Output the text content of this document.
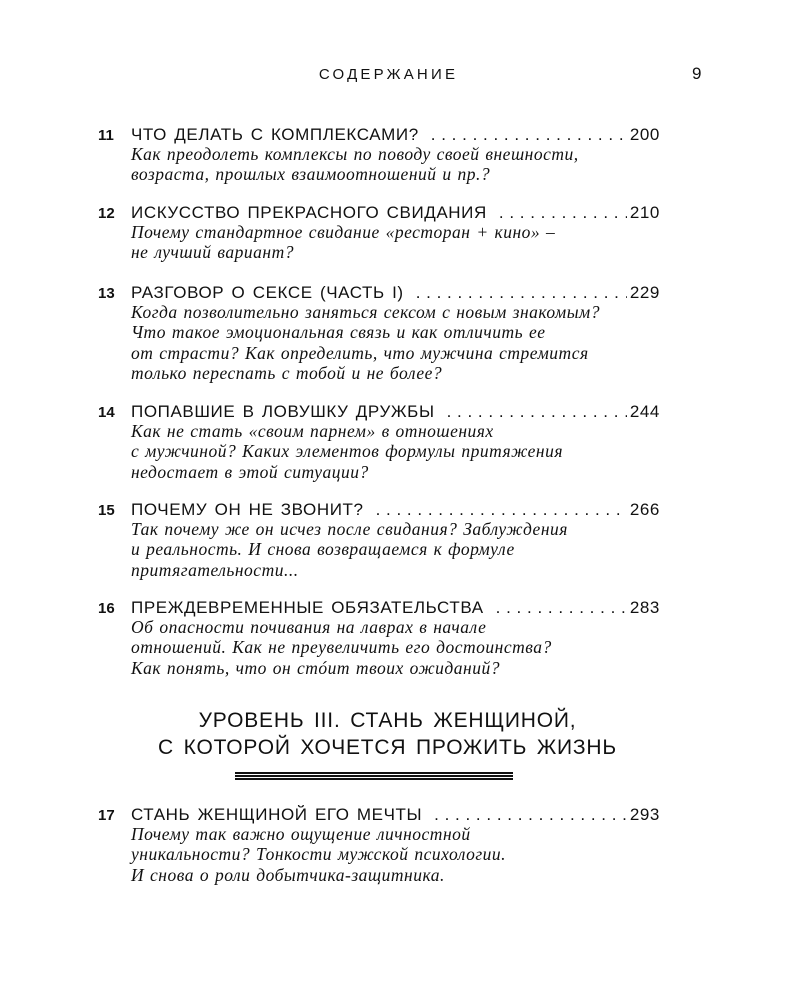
СОДЕРЖАНИЕ	9
11 ЧТО ДЕЛАТЬ С КОМПЛЕКСАМИ? . . .	200
Как преодолеть комплексы по поводу своей внешности,
возраста, прошлых взаимоотношений и пр.?
12 ИСКУССТВО ПРЕКРАСНОГО СВИДАНИЯ . . .	210
Почему стандартное свидание «ресторан + кино» –
не лучший вариант?
13 РАЗГОВОР О СЕКСЕ (ЧАСТЬ I) . . .	229
Когда позволительно заняться сексом с новым знакомым?
Что такое эмоциональная связь и как отличить ее
от страсти? Как определить, что мужчина стремится
только переспать с тобой и не более?
14 ПОПАВШИЕ В ЛОВУШКУ ДРУЖБЫ . . .	244
Как не стать «своим парнем» в отношениях
с мужчиной? Каких элементов формулы притяжения
недостает в этой ситуации?
15 ПОЧЕМУ ОН НЕ ЗВОНИТ? . . .	266
Так почему же он исчез после свидания? Заблуждения
и реальность. И снова возвращаемся к формуле
притягательности...
16 ПРЕЖДЕВРЕМЕННЫЕ ОБЯЗАТЕЛЬСТВА . . .	283
Об опасности почивания на лаврах в начале
отношений. Как не преувеличить его достоинства?
Как понять, что он стóит твоих ожиданий?
УРОВЕНЬ III. СТАНЬ ЖЕНЩИНОЙ,
С КОТОРОЙ ХОЧЕТСЯ ПРОЖИТЬ ЖИЗНЬ
17 СТАНЬ ЖЕНЩИНОЙ ЕГО МЕЧТЫ . . .	293
Почему так важно ощущение личностной
уникальности? Тонкости мужской психологии.
И снова о роли добытчика-защитника.
